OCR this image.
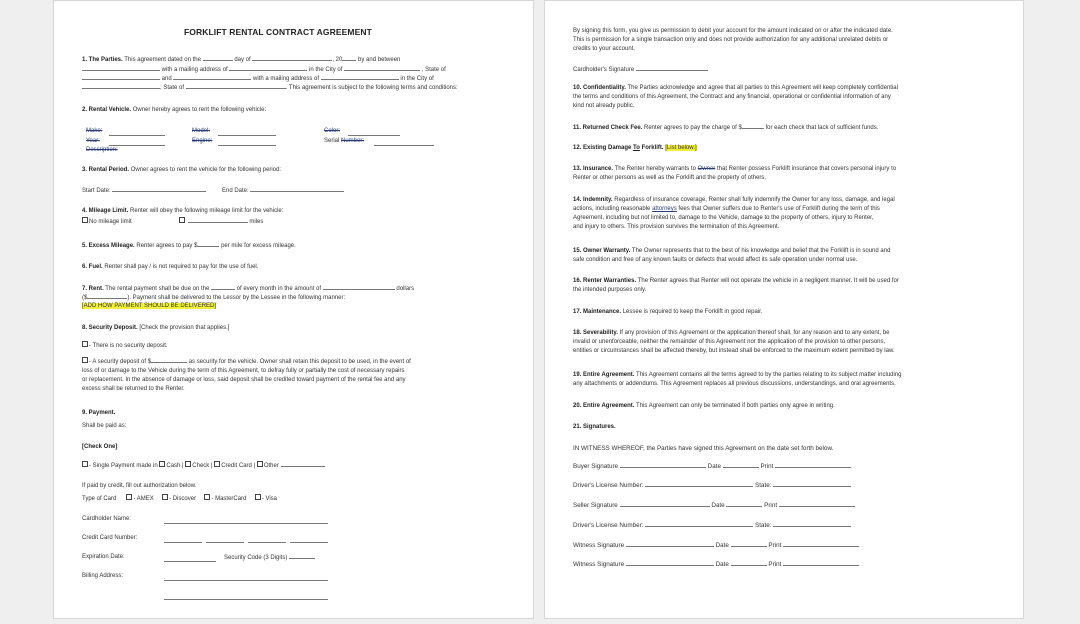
FORKLIFT RENTAL CONTRACT AGREEMENT
1. The Parties. This agreement dated on the	day of	, 20	by and between
with a mailing address of	in the City of	, State of
and	with a mailing address of	in the City of
, State of	. This agreement is subject to the following terms and conditions:
2. Rental Vehicle. Owner hereby agrees to rent the following vehicle:
Make:	Model:	Color:
Year:	Engine:	Serial Number:
Description:
3. Rental Period. Owner agrees to rent the vehicle for the following period:
Start Date:	End Date:
4. Mileage Limit. Renter will obey the following mileage limit for the vehicle:
No mileage limit	miles
5. Excess Mileage. Renter agrees to pay $	per mile for excess mileage.
6. Fuel. Renter shall pay / is not required to pay for the use of fuel.
7. Rent. The rental payment shall be due on the	of every month in the amount of	dollars
($	). Payment shall be delivered to the Lessor by the Lessee in the following manner:
[ADD HOW PAYMENT SHOULD BE DELIVERED]
8. Security Deposit. [Check the provision that applies.]
- There is no security deposit.
- A security deposit of $	as security for the vehicle. Owner shall retain this deposit to be used, in the event of
loss of or damage to the Vehicle during the term of this Agreement, to defray fully or partially the cost of necessary repairs
or replacement. In the absence of damage or loss, said deposit shall be credited toward payment of the rental fee and any
excess shall be returned to the Renter.
9. Payment.
Shall be paid as:
[Check One]
- Single Payment made in Cash | Check | Credit Card | Other
If paid by credit, fill out authorization below.
Type of Card	- AMEX	- Discover	- MasterCard	- Visa
Cardholder Name:
Credit Card Number:
Expiration Date:	Security Code (3 Digits)
Billing Address:
By signing this form, you give us permission to debit your account for the amount indicated on or after the indicated date.
This is permission for a single transaction only and does not provide authorization for any additional unrelated debits or
credits to your account.
Cardholder's Signature
10. Confidentiality. The Parties acknowledge and agree that all parties to this Agreement will keep completely confidential
the terms and conditions of this Agreement, the Contract and any financial, operational or confidential information of any
kind not already public.
11. Returned Check Fee. Renter agrees to pay the charge of $	for each check that lack of sufficient funds.
12. Existing Damage To Forklift. [List below.]
13. Insurance. The Renter hereby warrants to Owner that Renter possess Forklift insurance that covers personal injury to
Renter or other persons as well as the Forklift and the property of others.
14. Indemnity. Regardless of insurance coverage, Renter shall fully indemnify the Owner for any loss, damage, and legal
actions, including reasonable attorneys fees that Owner suffers due to Renter's use of Forklift during the term of this
Agreement, including but not limited to, damage to the Vehicle, damage to the property of others, injury to Renter,
and injury to others. This provision survives the termination of this Agreement.
15. Owner Warranty. The Owner represents that to the best of his knowledge and belief that the Forklift is in sound and
safe condition and free of any known faults or defects that would affect its safe operation under normal use.
16. Renter Warranties. The Renter agrees that Renter will not operate the vehicle in a negligent manner. It will be used for
the intended purposes only.
17. Maintenance. Lessee is required to keep the Forklift in good repair.
18. Severability. If any provision of this Agreement or the application thereof shall, for any reason and to any extent, be
invalid or unenforceable, neither the remainder of this Agreement nor the application of the provision to other persons,
entities or circumstances shall be affected thereby, but instead shall be enforced to the maximum extent permitted by law.
19. Entire Agreement. This Agreement contains all the terms agreed to by the parties relating to its subject matter including
any attachments or addendums. This Agreement replaces all previous discussions, understandings, and oral agreements.
20. Entire Agreement. This Agreement can only be terminated if both parties only agree in writing.
21. Signatures.
IN WITNESS WHEREOF, the Parties have signed this Agreement on the date set forth below.
Buyer Signature	Date	Print
Driver's License Number:	State:
Seller Signature	Date	Print
Driver's License Number:	State:
Witness Signature	Date	Print
Witness Signature	Date	Print
